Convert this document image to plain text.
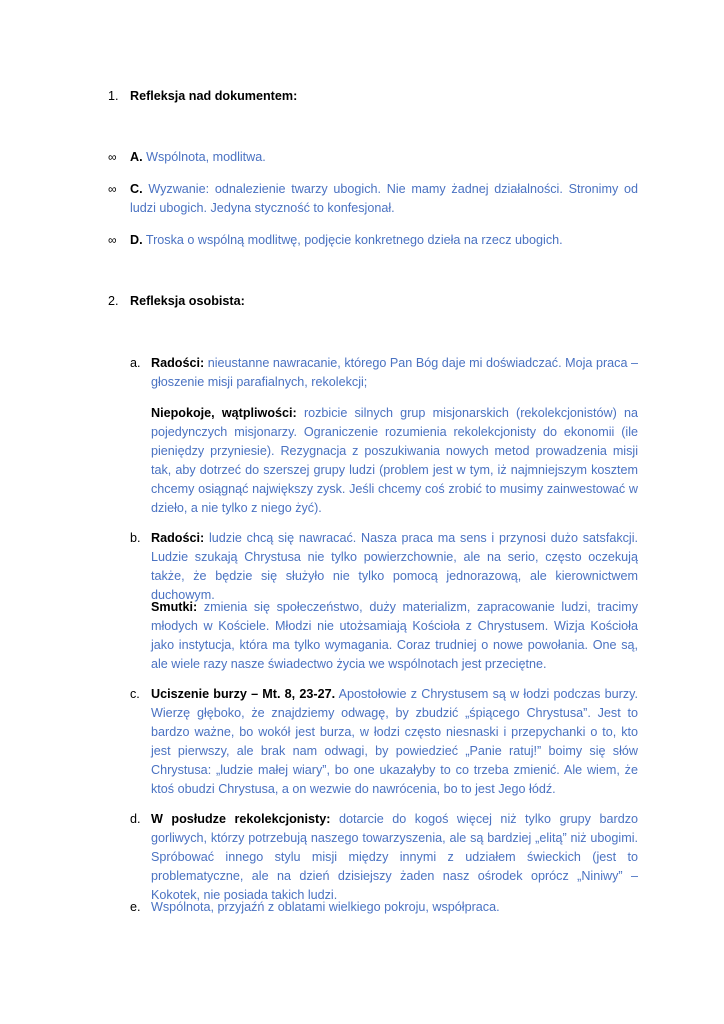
1. Refleksja nad dokumentem:
∞ A. Wspólnota, modlitwa.
∞ C. Wyzwanie: odnalezienie twarzy ubogich. Nie mamy żadnej działalności. Stronimy od ludzi ubogich. Jedyna styczność to konfesjonał.
∞ D. Troska o wspólną modlitwę, podjęcie konkretnego dzieła na rzecz ubogich.
2. Refleksja osobista:
a. Radości: nieustanne nawracanie, którego Pan Bóg daje mi doświadczać. Moja praca – głoszenie misji parafialnych, rekolekcji;
Niepokoje, wątpliwości: rozbicie silnych grup misjonarskich (rekolekcjonistów) na pojedynczych misjonarzy. Ograniczenie rozumienia rekolekcjonisty do ekonomii (ile pieniędzy przyniesie). Rezygnacja z poszukiwania nowych metod prowadzenia misji tak, aby dotrzeć do szerszej grupy ludzi (problem jest w tym, iż najmniejszym kosztem chcemy osiągnąć największy zysk. Jeśli chcemy coś zrobić to musimy zainwestować w dzieło, a nie tylko z niego żyć).
b. Radości: ludzie chcą się nawracać. Nasza praca ma sens i przynosi dużo satsfakcji. Ludzie szukają Chrystusa nie tylko powierzchownie, ale na serio, często oczekują także, że będzie się służyło nie tylko pomocą jednorazową, ale kierownictwem duchowym.
Smutki: zmienia się społeczeństwo, duży materializm, zapracowanie ludzi, tracimy młodych w Kościele. Młodzi nie utożsamiają Kościoła z Chrystusem. Wizja Kościoła jako instytucja, która ma tylko wymagania. Coraz trudniej o nowe powołania. One są, ale wiele razy nasze świadectwo życia we wspólnotach jest przeciętne.
c. Uciszenie burzy – Mt. 8, 23-27. Apostołowie z Chrystusem są w łodzi podczas burzy. Wierzę głęboko, że znajdziemy odwagę, by zbudzić „śpiącego Chrystusa”. Jest to bardzo ważne, bo wokół jest burza, w łodzi często niesnaski i przepychanki o to, kto jest pierwszy, ale brak nam odwagi, by powiedzieć „Panie ratuj!” boimy się słów Chrystusa: „ludzie małej wiary”, bo one ukazałyby to co trzeba zmienić. Ale wiem, że ktoś obudzi Chrystusa, a on wezwie do nawrócenia, bo to jest Jego łódź.
d. W posłudze rekolekcjonisty: dotarcie do kogoś więcej niż tylko grupy bardzo gorliwych, którzy potrzebują naszego towarzyszenia, ale są bardziej „elitą” niż ubogimi. Spróbować innego stylu misji między innymi z udziałem świeckich (jest to problematyczne, ale na dzień dzisiejszy żaden nasz ośrodek oprócz „Niniwy” – Kokotek, nie posiada takich ludzi.
e. Wspólnota, przyjaźń z oblatami wielkiego pokroju, współpraca.
